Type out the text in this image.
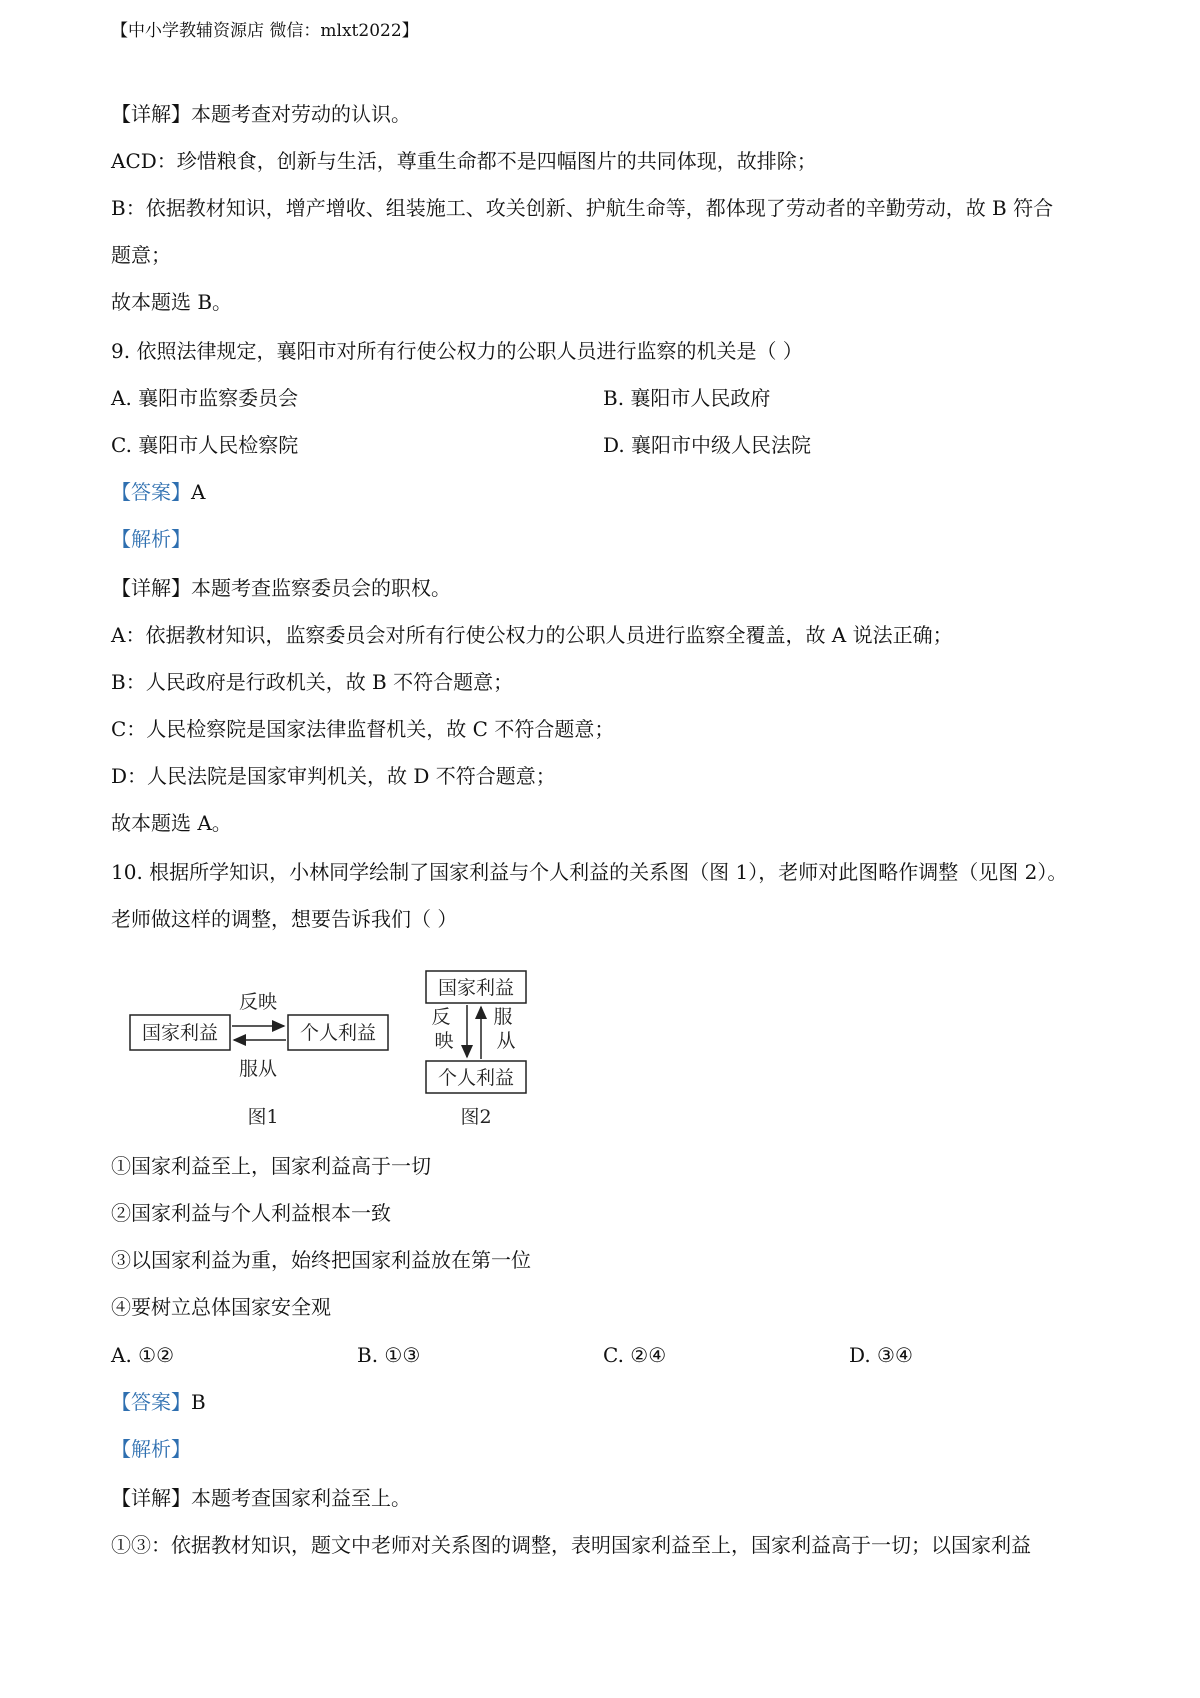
【中小学教辅资源店 微信：mlxt2022】
【详解】本题考查对劳动的认识。
ACD：珍惜粮食，创新与生活，尊重生命都不是四幅图片的共同体现，故排除；
B：依据教材知识，增产增收、组装施工、攻关创新、护航生命等，都体现了劳动者的辛勤劳动，故 B 符合
题意；
故本题选 B。
9. 依照法律规定，襄阳市对所有行使公权力的公职人员进行监察的机关是（ ）
A. 襄阳市监察委员会	B. 襄阳市人民政府
C. 襄阳市人民检察院	D. 襄阳市中级人民法院
【答案】A
【解析】
【详解】本题考查监察委员会的职权。
A：依据教材知识，监察委员会对所有行使公权力的公职人员进行监察全覆盖，故 A 说法正确；
B：人民政府是行政机关，故 B 不符合题意；
C：人民检察院是国家法律监督机关，故 C 不符合题意；
D：人民法院是国家审判机关，故 D 不符合题意；
故本题选 A。
10. 根据所学知识，小林同学绘制了国家利益与个人利益的关系图（图 1），老师对此图略作调整（见图 2）。
老师做这样的调整，想要告诉我们（ ）
国家利益	个人利益
反映
服从
图1
国家利益
个人利益
反 映
服 从
图2
①国家利益至上，国家利益高于一切
②国家利益与个人利益根本一致
③以国家利益为重，始终把国家利益放在第一位
④要树立总体国家安全观
A. ①②	B. ①③	C. ②④	D. ③④
【答案】B
【解析】
【详解】本题考查国家利益至上。
①③：依据教材知识，题文中老师对关系图的调整，表明国家利益至上，国家利益高于一切；以国家利益
